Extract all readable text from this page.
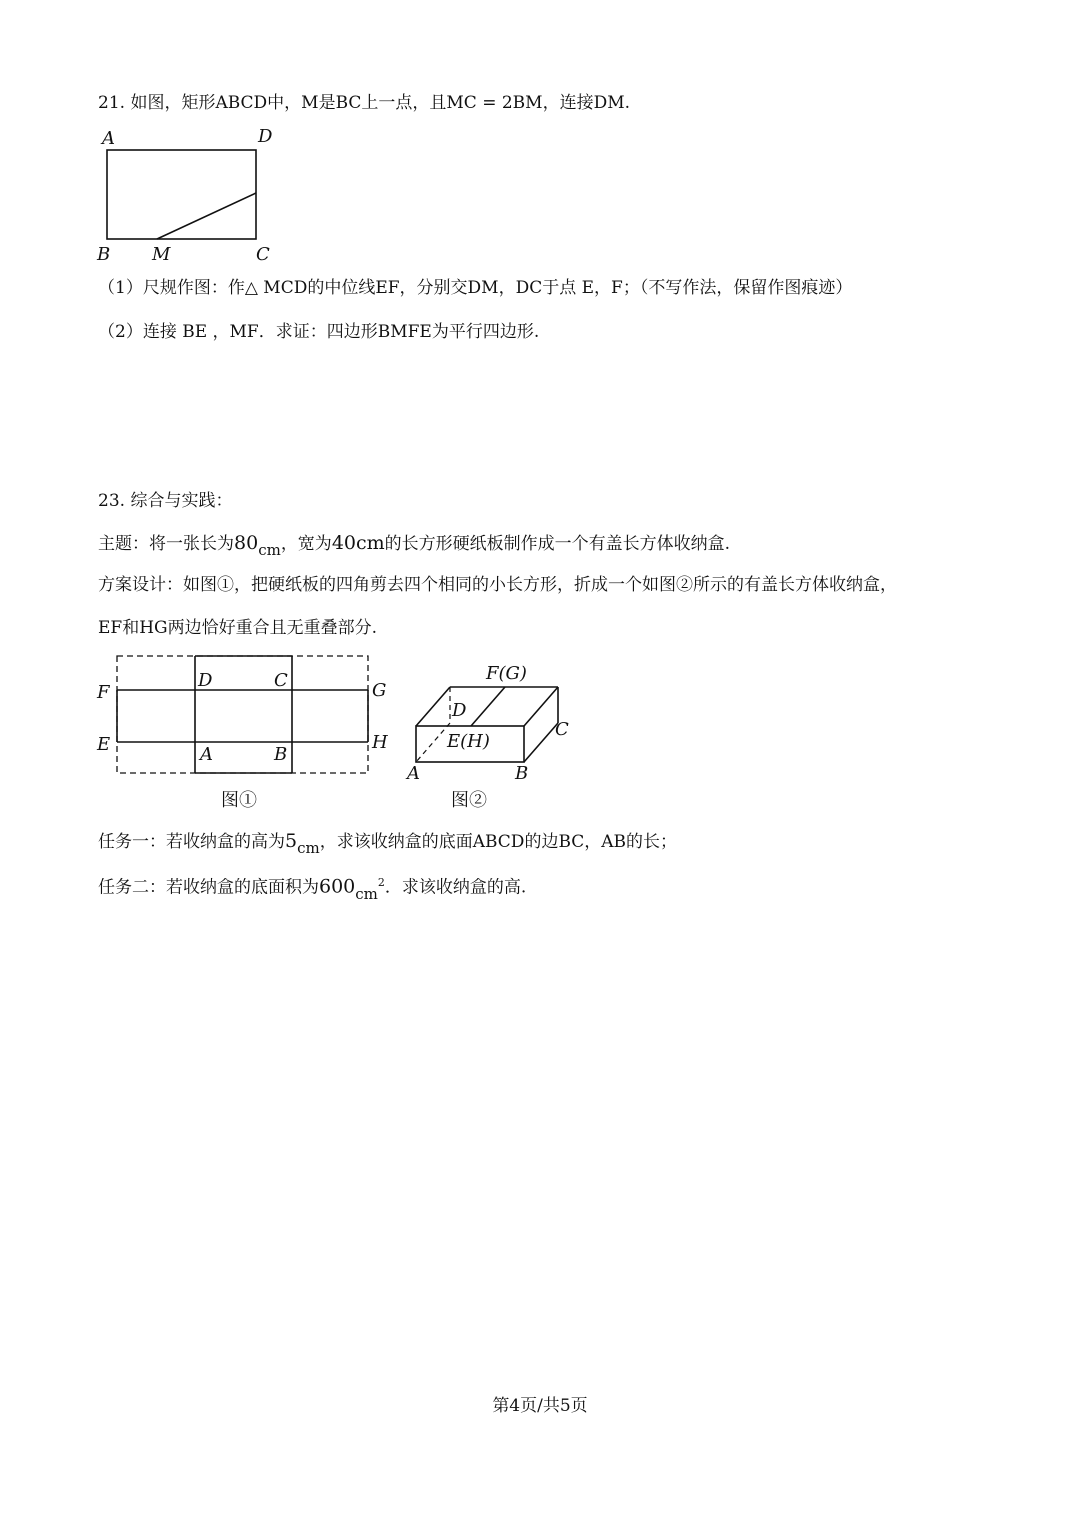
21. 如图，矩形ABCD中，M是BC上一点，且MC = 2BM，连接DM.
A	D
B M	C
（1）尺规作图：作△ MCD的中位线EF，分别交DM，DC于点 E，F；（不写作法，保留作图痕迹）
（2）连接 BE ，MF．求证：四边形BMFE为平行四边形.
23. 综合与实践：
主题：将一张长为80cm，宽为40cm的长方形硬纸板制作成一个有盖长方体收纳盒.
方案设计：如图①，把硬纸板的四角剪去四个相同的小长方形，折成一个如图②所示的有盖长方体收纳盒，
EF和HG两边恰好重合且无重叠部分.
F
E
D	C
A	B
G
H
图①
F(G)
D
E(H)
C
A	B
图②
任务一：若收纳盒的高为5cm，求该收纳盒的底面ABCD的边BC，AB的长；
任务二：若收纳盒的底面积为$600cm^2$．求该收纳盒的高.
第4页/共5页
